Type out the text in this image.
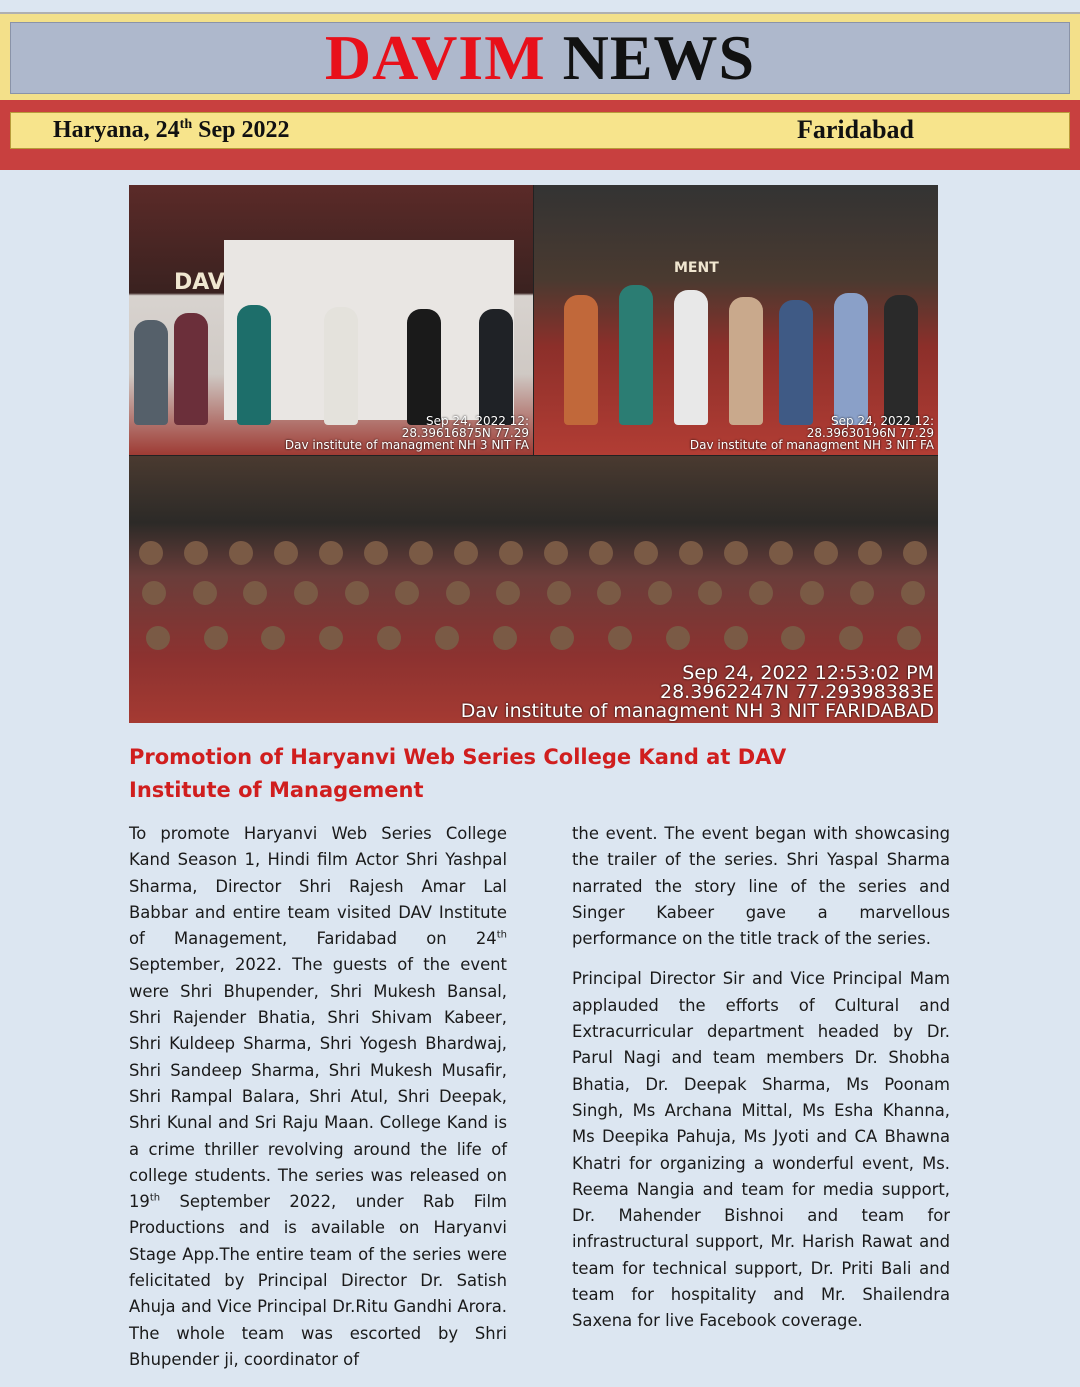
DAVIM NEWS
Haryana, 24th Sep 2022	Faridabad
DAV
Sep 24, 2022 12:
28.39616875N 77.29
Dav institute of managment NH 3 NIT FA
MENT
Sep 24, 2022 12:
28.39630196N 77.29
Dav institute of managment NH 3 NIT FA
Sep 24, 2022 12:53:02 PM
28.3962247N 77.29398383E
Dav institute of managment NH 3 NIT FARIDABAD
Promotion of Haryanvi Web Series College Kand at DAV Institute of Management

To promote Haryanvi Web Series College Kand Season 1, Hindi film Actor Shri Yashpal Sharma, Director Shri Rajesh Amar Lal Babbar and entire team visited DAV Institute of Management, Faridabad on 24th September, 2022. The guests of the event were Shri Bhupender, Shri Mukesh Bansal, Shri Rajender Bhatia, Shri Shivam Kabeer, Shri Kuldeep Sharma, Shri Yogesh Bhardwaj, Shri Sandeep Sharma, Shri Mukesh Musafir, Shri Rampal Balara, Shri Atul, Shri Deepak, Shri Kunal and Sri Raju Maan. College Kand is a crime thriller revolving around the life of college students. The series was released on 19th September 2022, under Rab Film Productions and is available on Haryanvi Stage App.The entire team of the series were felicitated by Principal Director Dr. Satish Ahuja and Vice Principal Dr.Ritu Gandhi Arora. The whole team was escorted by Shri Bhupender ji, coordinator of

the event. The event began with showcasing the trailer of the series. Shri Yaspal Sharma narrated the story line of the series and Singer Kabeer gave a marvellous performance on the title track of the series.

Principal Director Sir and Vice Principal Mam applauded the efforts of Cultural and Extracurricular department headed by Dr. Parul Nagi and team members Dr. Shobha Bhatia, Dr. Deepak Sharma, Ms Poonam Singh, Ms Archana Mittal, Ms Esha Khanna, Ms Deepika Pahuja, Ms Jyoti and CA Bhawna Khatri for organizing a wonderful event, Ms. Reema Nangia and team for media support, Dr. Mahender Bishnoi and team for infrastructural support, Mr. Harish Rawat and team for technical support, Dr. Priti Bali and team for hospitality and Mr. Shailendra Saxena for live Facebook coverage.
